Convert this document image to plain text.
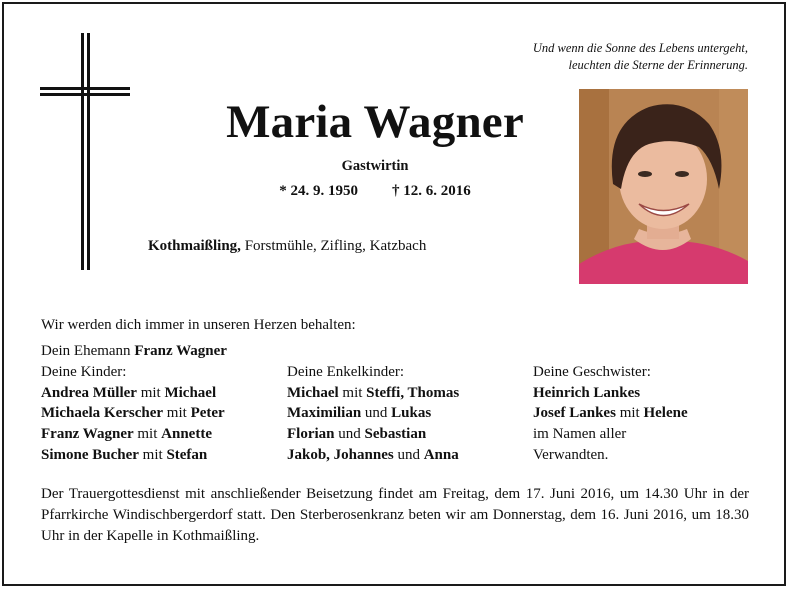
Und wenn die Sonne des Lebens untergeht,
leuchten die Sterne der Erinnerung.
Maria Wagner
Gastwirtin
* 24. 9. 1950 † 12. 6. 2016
Kothmaißling, Forstmühle, Zifling, Katzbach
Wir werden dich immer in unseren Herzen behalten:
Dein Ehemann Franz Wagner
Deine Kinder:
Andrea Müller mit Michael
Michaela Kerscher mit Peter
Franz Wagner mit Annette
Simone Bucher mit Stefan
Deine Enkelkinder:
Michael mit Steffi, Thomas
Maximilian und Lukas
Florian und Sebastian
Jakob, Johannes und Anna
Deine Geschwister:
Heinrich Lankes
Josef Lankes mit Helene
im Namen aller
Verwandten.
Der Trauergottesdienst mit anschließender Beisetzung findet am Freitag, dem 17. Juni 2016, um 14.30 Uhr in der Pfarrkirche Windischbergerdorf statt. Den Sterberosenkranz beten wir am Donnerstag, dem 16. Juni 2016, um 18.30 Uhr in der Kapelle in Kothmaißling.
